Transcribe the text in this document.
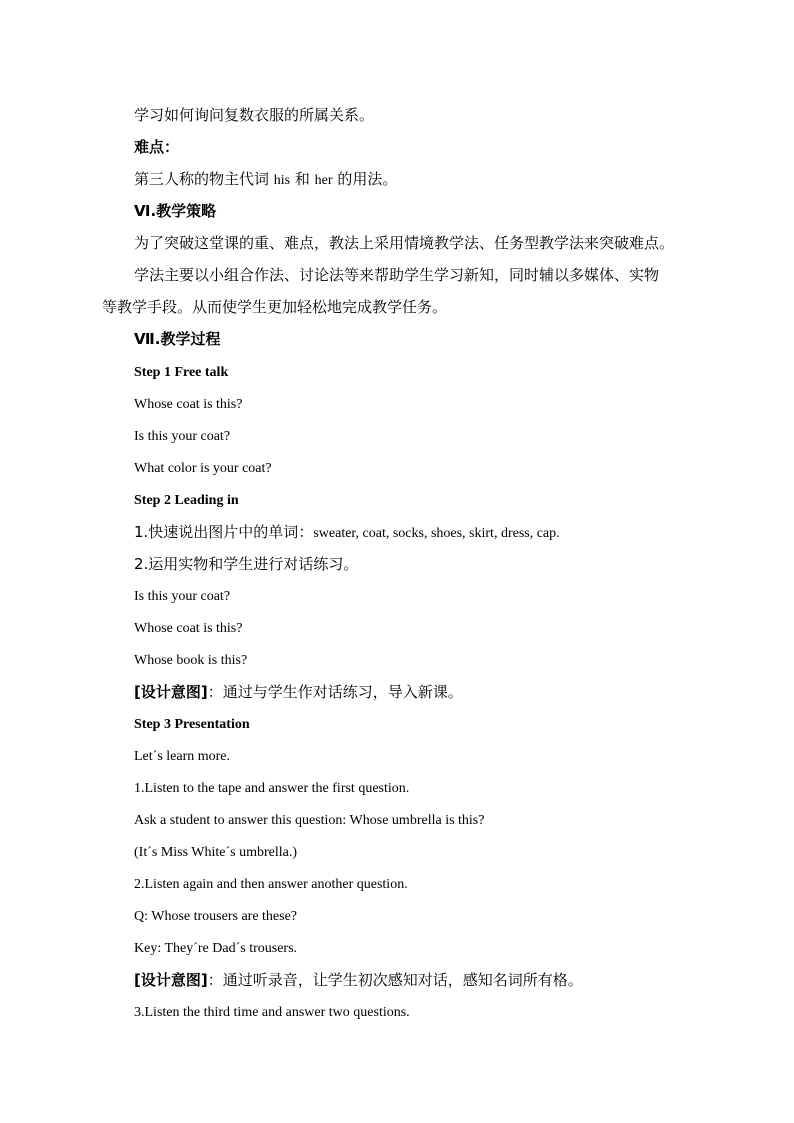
学习如何询问复数衣服的所属关系。
难点：
第三人称的物主代词 his 和 her 的用法。
Ⅵ.教学策略
为了突破这堂课的重、难点，教法上采用情境教学法、任务型教学法来突破难点。
学法主要以小组合作法、讨论法等来帮助学生学习新知，同时辅以多媒体、实物
等教学手段。从而使学生更加轻松地完成教学任务。
Ⅶ.教学过程
Step 1 Free talk
Whose coat is this?
Is this your coat?
What color is your coat?
Step 2 Leading in
1.快速说出图片中的单词：sweater, coat, socks, shoes, skirt, dress, cap.
2.运用实物和学生进行对话练习。
Is this your coat?
Whose coat is this?
Whose book is this?
[设计意图]：通过与学生作对话练习，导入新课。
Step 3 Presentation
Let´s learn more.
1.Listen to the tape and answer the first question.
Ask a student to answer this question: Whose umbrella is this?
(It´s Miss White´s umbrella.)
2.Listen again and then answer another question.
Q: Whose trousers are these?
Key: They´re Dad´s trousers.
[设计意图]：通过听录音，让学生初次感知对话，感知名词所有格。
3.Listen the third time and answer two questions.
